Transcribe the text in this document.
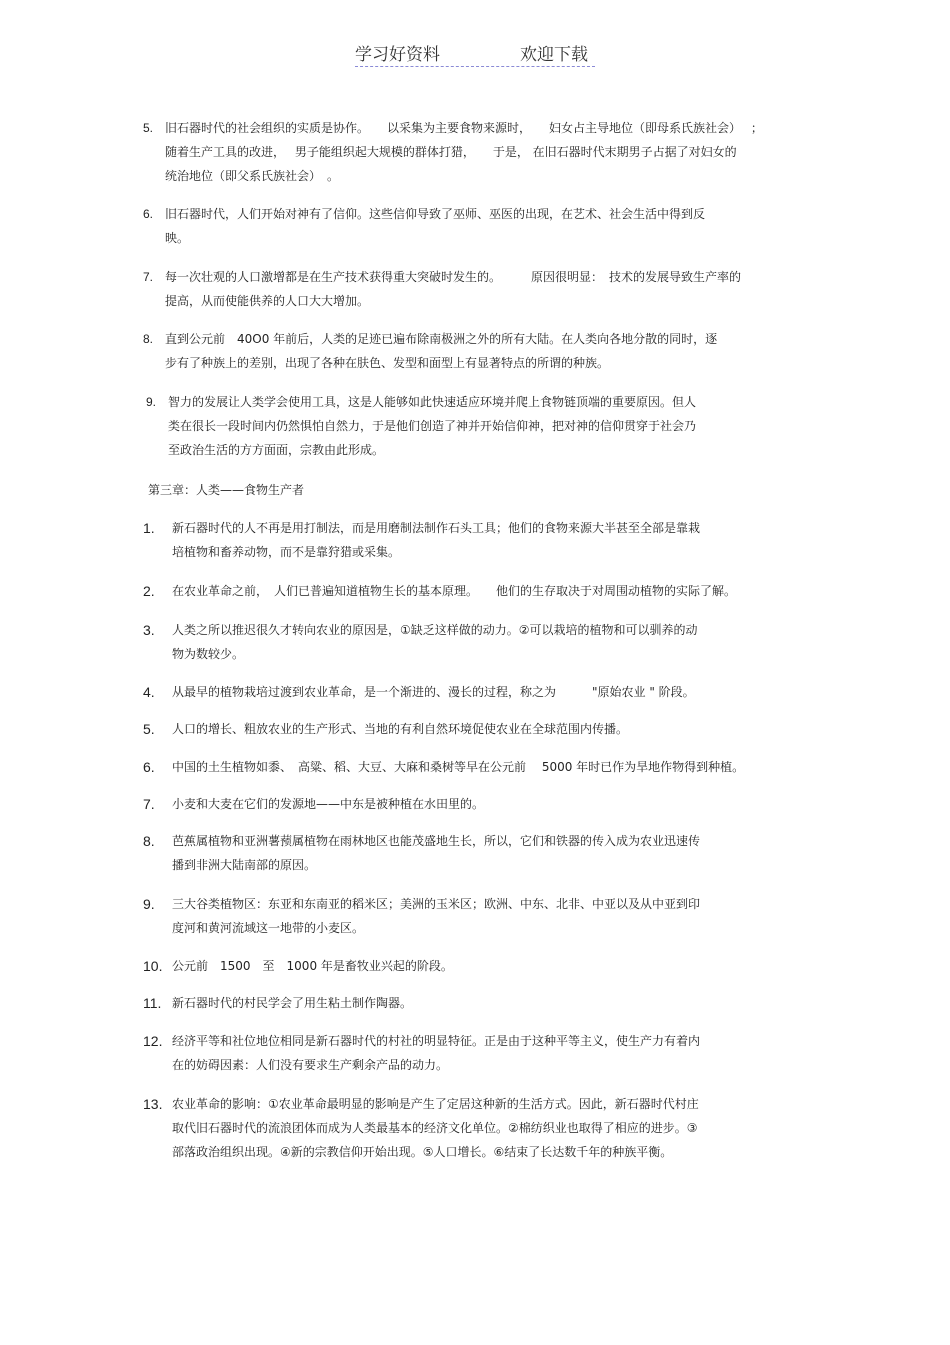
学习好资料	欢迎下载
5. 旧石器时代的社会组织的实质是协作。　　以采集为主要食物来源时，　　妇女占主导地位（即母系氏族社会）　 ；
随着生产工具的改进，　 男子能组织起大规模的群体打猎，　　于是， 在旧石器时代末期男子占据了对妇女的
统治地位（即父系氏族社会）　。
6. 旧石器时代，人们开始对神有了信仰。这些信仰导致了巫师、巫医的出现，在艺术、社会生活中得到反
映。
7. 每一次壮观的人口激增都是在生产技术获得重大突破时发生的。　　　原因很明显：　技术的发展导致生产率的
提高，从而使能供养的人口大大增加。
8. 直到公元前　40O0 年前后，人类的足迹已遍布除南极洲之外的所有大陆。在人类向各地分散的同时，逐
步有了种族上的差别，出现了各种在肤色、发型和面型上有显著特点的所谓的种族。
9. 智力的发展让人类学会使用工具，这是人能够如此快速适应环境并爬上食物链顶端的重要原因。但人
类在很长一段时间内仍然惧怕自然力，于是他们创造了神并开始信仰神，把对神的信仰贯穿于社会乃
至政治生活的方方面面，宗教由此形成。
第三章：人类——食物生产者
1. 新石器时代的人不再是用打制法，而是用磨制法制作石头工具；他们的食物来源大半甚至全部是靠栽
培植物和畜养动物，而不是靠狩猎或采集。
2. 在农业革命之前，　人们已普遍知道植物生长的基本原理。　　他们的生存取决于对周围动植物的实际了解。
3. 人类之所以推迟很久才转向农业的原因是，①缺乏这样做的动力。②可以栽培的植物和可以驯养的动
物为数较少。
4. 从最早的植物栽培过渡到农业革命，是一个渐进的、漫长的过程，称之为　　　"原始农业 " 阶段。
5. 人口的增长、粗放农业的生产形式、当地的有利自然环境促使农业在全球范围内传播。
6. 中国的土生植物如黍、　高粱、稻、大豆、大麻和桑树等早在公元前　 5000 年时已作为旱地作物得到种植。
7. 小麦和大麦在它们的发源地——中东是被种植在水田里的。
8. 芭蕉属植物和亚洲薯蓣属植物在雨林地区也能茂盛地生长，所以，它们和铁器的传入成为农业迅速传
播到非洲大陆南部的原因。
9. 三大谷类植物区：东亚和东南亚的稻米区；美洲的玉米区；欧洲、中东、北非、中亚以及从中亚到印
度河和黄河流域这一地带的小麦区。
10. 公元前　1500　至　1000 年是畜牧业兴起的阶段。
11. 新石器时代的村民学会了用生粘土制作陶器。
12. 经济平等和社位地位相同是新石器时代的村社的明显特征。正是由于这种平等主义，使生产力有着内
在的妨碍因素：人们没有要求生产剩余产品的动力。
13. 农业革命的影响：①农业革命最明显的影响是产生了定居这种新的生活方式。因此，新石器时代村庄
取代旧石器时代的流浪团体而成为人类最基本的经济文化单位。②棉纺织业也取得了相应的进步。③
部落政治组织出现。④新的宗教信仰开始出现。⑤人口增长。⑥结束了长达数千年的种族平衡。
